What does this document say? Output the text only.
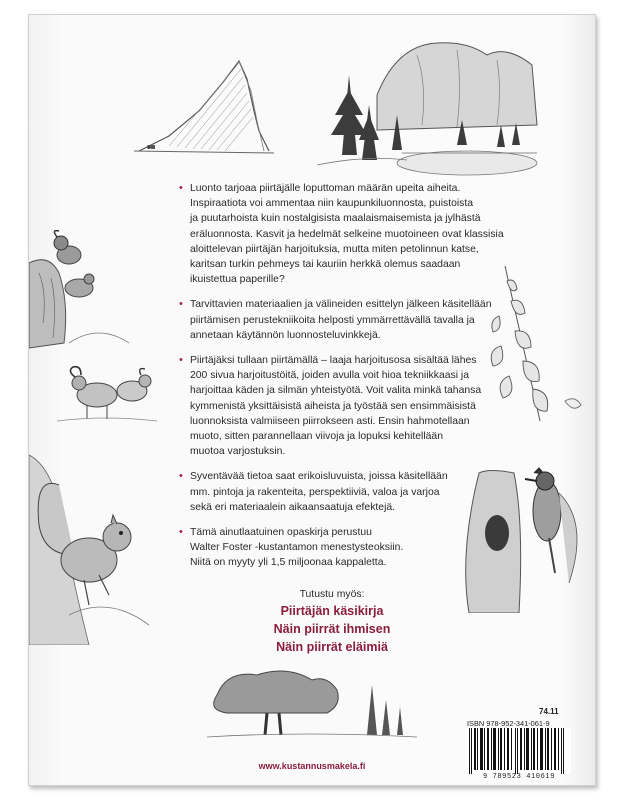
• Luonto tarjoaa piirtäjälle loputtoman määrän upeita aiheita.
Inspiraatiota voi ammentaa niin kaupunkiluonnosta, puistoista
ja puutarhoista kuin nostalgisista maalaismaisemista ja jylhästä
eräluonnosta. Kasvit ja hedelmät selkeine muotoineen ovat klassisia
aloittelevan piirtäjän harjoituksia, mutta miten petolinnun katse,
karitsan turkin pehmeys tai kauriin herkkä olemus saadaan
ikuistettua paperille?
• Tarvittavien materiaalien ja välineiden esittelyn jälkeen käsitellään
piirtämisen perustekniikoita helposti ymmärrettävällä tavalla ja
annetaan käytännön luonnosteluvinkkejä.
• Piirtäjäksi tullaan piirtämällä – laaja harjoitusosa sisältää lähes
200 sivua harjoitustöitä, joiden avulla voit hioa tekniikkaasi ja
harjoittaa käden ja silmän yhteistyötä. Voit valita minkä tahansa
kymmenistä yksittäisistä aiheista ja työstää sen ensimmäisistä
luonnoksista valmiiseen piirrokseen asti. Ensin hahmotellaan
muoto, sitten parannellaan viivoja ja lopuksi kehitellään
muotoa varjostuksin.
• Syventävää tietoa saat erikoisluvuista, joissa käsitellään
mm. pintoja ja rakenteita, perspektiiviä, valoa ja varjoa
sekä eri materiaalein aikaansaatuja efektejä.
• Tämä ainutlaatuinen opaskirja perustuu
Walter Foster -kustantamon menestysteoksiin.
Niitä on myyty yli 1,5 miljoonaa kappaletta.
Tutustu myös:
Piirtäjän käsikirja
Näin piirrät ihmisen
Näin piirrät eläimiä
74.11
ISBN 978-952-341-061-9
9 789523 410619
www.kustannusmakela.fi
